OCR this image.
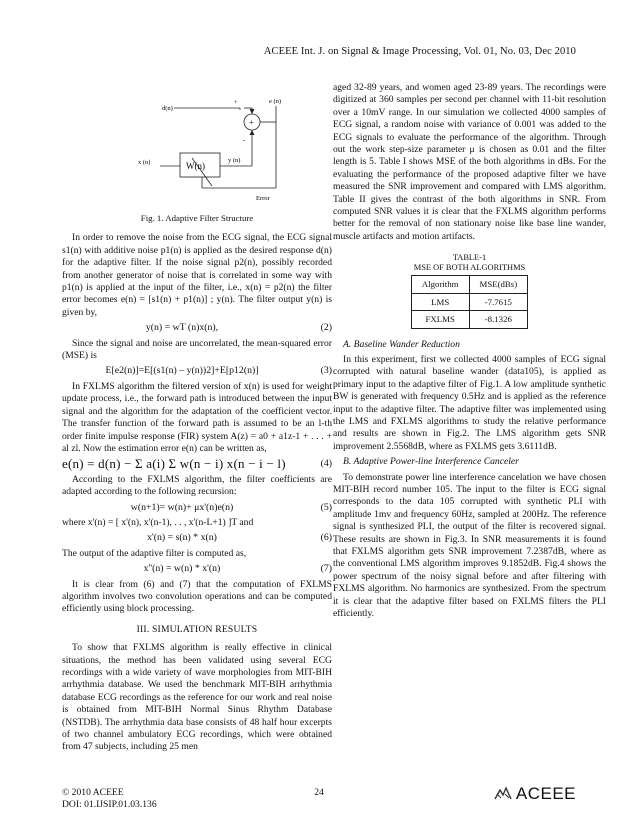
ACEEE Int. J. on Signal & Image Processing, Vol. 01, No. 03, Dec 2010
d(n)
+	e (n)
+
-
x (n)	W(n)
y (n)
Error
Fig. 1. Adaptive Filter Structure

In order to remove the noise from the ECG signal, the ECG signal s1(n) with additive noise p1(n) is applied as the desired response d(n) for the adaptive filter. If the noise signal p2(n), possibly recorded from another generator of noise that is correlated in some way with p1(n) is applied at the input of the filter, i.e., x(n) = p2(n) the filter error becomes e(n) = [s1(n) + p1(n)] ; y(n). The filter output y(n) is given by,

y(n) = wT (n)x(n),	(2)

Since the signal and noise are uncorrelated, the mean-squared error (MSE) is

E[e2(n)]=E[(s1(n) – y(n))2]+E[p12(n)]	(3)

In FXLMS algorithm the filtered version of x(n) is used for weight update process, i.e., the forward path is introduced between the input signal and the algorithm for the adaptation of the coefficient vector. The transfer function of the forward path is assumed to be an l-th order finite impulse response (FIR) system A(z) = a0 + a1z-1 + . . . + al zl. Now the estimation error e(n) can be written as,

e(n) = d(n) − Σ a(i) Σ w(n − i) x(n − i − l)	(4)

According to the FXLMS algorithm, the filter coefficients are adapted according to the following recursion:

w(n+1)= w(n)+ μx'(n)e(n)	(5)

where x'(n) = [ x'(n), x'(n-1), . . , x'(n-L+1) ]T and

x'(n) = s(n) * x(n)	(6)

The output of the adaptive filter is computed as,

x''(n) = w(n) * x'(n)	(7)

It is clear from (6) and (7) that the computation of FXLMS algorithm involves two convolution operations and can be computed efficiently using block processing.

III. SIMULATION RESULTS

To show that FXLMS algorithm is really effective in clinical situations, the method has been validated using several ECG recordings with a wide variety of wave morphologies from MIT-BIH arrhythmia database. We used the benchmark MIT-BIH arrhythmia database ECG recordings as the reference for our work and real noise is obtained from MIT-BIH Normal Sinus Rhythm Database (NSTDB). The arrhythmia data base consists of 48 half hour excerpts of two channel ambulatory ECG recordings, which were obtained from 47 subjects, including 25 men

aged 32-89 years, and women aged 23-89 years. The recordings were digitized at 360 samples per second per channel with 11-bit resolution over a 10mV range. In our simulation we collected 4000 samples of ECG signal, a random noise with variance of 0.001 was added to the ECG signals to evaluate the performance of the algorithm. Through out the work step-size parameter μ is chosen as 0.01 and the filter length is 5. Table I shows MSE of the both algorithms in dBs. For the evaluating the performance of the proposed adaptive filter we have measured the SNR improvement and compared with LMS algorithm. Table II gives the contrast of the both algorithms in SNR. From computed SNR values it is clear that the FXLMS algorithm performs better for the removal of non stationary noise like base line wander, muscle artifacts and motion artifacts.

TABLE-1
MSE OF BOTH ALGORITHMS
Algorithm	MSE(dBs)
LMS	-7.7615
FXLMS	-8.1326

A. Baseline Wander Reduction

In this experiment, first we collected 4000 samples of ECG signal corrupted with natural baseline wander (data105), is applied as primary input to the adaptive filter of Fig.1. A low amplitude synthetic BW is generated with frequency 0.5Hz and is applied as the reference input to the adaptive filter. The adaptive filter was implemented using the LMS and FXLMS algorithms to study the relative performance and results are shown in Fig.2. The LMS algorithm gets SNR improvement 2.5568dB, where as FXLMS gets 3.6111dB.

B. Adaptive Power-line Interference Canceler

To demonstrate power line interference cancelation we have chosen MIT-BIH record number 105. The input to the filter is ECG signal corresponds to the data 105 corrupted with synthetic PLI with amplitude 1mv and frequency 60Hz, sampled at 200Hz. The reference signal is synthesized PLI, the output of the filter is recovered signal. These results are shown in Fig.3. In SNR measurements it is found that FXLMS algorithm gets SNR improvement 7.2387dB, where as the conventional LMS algorithm improves 9.1852dB. Fig.4 shows the power spectrum of the noisy signal before and after filtering with FXLMS algorithm. No harmonics are synthesized. From the spectrum it is clear that the adaptive filter based on FXLMS filters the PLI efficiently.

© 2010 ACEEE
DOI: 01.IJSIP.01.03.136
24	ACEEE
